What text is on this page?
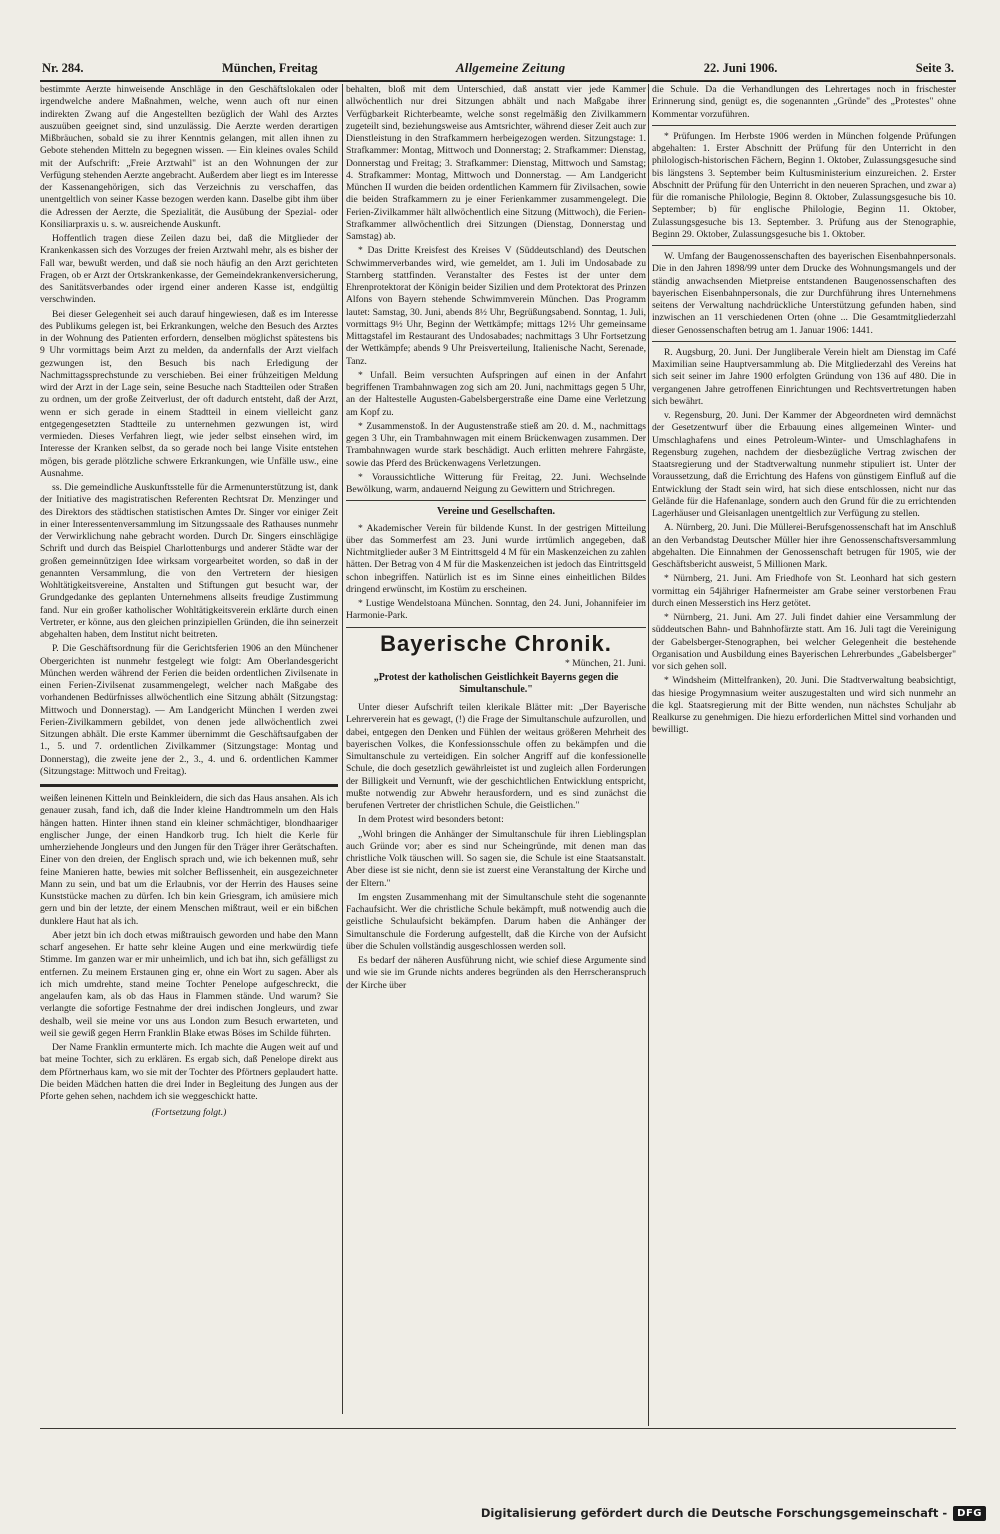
Nr. 284.	München, Freitag	Allgemeine Zeitung	22. Juni 1906.	Seite 3.

bestimmte Aerzte hinweisende Anschläge in den Geschäftslokalen oder irgendwelche andere Maßnahmen, welche, wenn auch oft nur einen indirekten Zwang auf die Angestellten bezüglich der Wahl des Arztes auszuüben geeignet sind, sind unzulässig. Die Aerzte werden derartigen Mißbräuchen, sobald sie zu ihrer Kenntnis gelangen, mit allen ihnen zu Gebote stehenden Mitteln zu begegnen wissen. — Ein kleines ovales Schild mit der Aufschrift: „Freie Arztwahl" ist an den Wohnungen der zur Verfügung stehenden Aerzte angebracht. Außerdem aber liegt es im Interesse der Kassenangehörigen, sich das Verzeichnis zu verschaffen, das unentgeltlich von seiner Kasse bezogen werden kann. Daselbe gibt ihm über die Adressen der Aerzte, die Spezialität, die Ausübung der Spezial- oder Konsiliarpraxis u. s. w. ausreichende Auskunft.

Hoffentlich tragen diese Zeilen dazu bei, daß die Mitglieder der Krankenkassen sich des Vorzuges der freien Arztwahl mehr, als es bisher der Fall war, bewußt werden, und daß sie noch häufig an den Arzt gerichteten Fragen, ob er Arzt der Ortskrankenkasse, der Gemeindekrankenversicherung, des Sanitätsverbandes oder irgend einer anderen Kasse ist, endgültig verschwinden.

Bei dieser Gelegenheit sei auch darauf hingewiesen, daß es im Interesse des Publikums gelegen ist, bei Erkrankungen, welche den Besuch des Arztes in der Wohnung des Patienten erfordern, denselben möglichst spätestens bis 9 Uhr vormittags beim Arzt zu melden, da andernfalls der Arzt vielfach gezwungen ist, den Besuch bis nach Erledigung der Nachmittagssprechstunde zu verschieben. Bei einer frühzeitigen Meldung wird der Arzt in der Lage sein, seine Besuche nach Stadtteilen oder Straßen zu ordnen, um der große Zeitverlust, der oft dadurch entsteht, daß der Arzt, wenn er sich gerade in einem Stadtteil in einem vielleicht ganz entgegengesetzten Stadtteile zu unternehmen gezwungen ist, wird vermieden. Dieses Verfahren liegt, wie jeder selbst einsehen wird, im Interesse der Kranken selbst, da so gerade noch bei lange Visite entstehen mögen, bis gerade plötzliche schwere Erkrankungen, wie Unfälle usw., eine Ausnahme.

ss. Die gemeindliche Auskunftsstelle für die Armenunterstützung ist, dank der Initiative des magistratischen Referenten Rechtsrat Dr. Menzinger und des Direktors des städtischen statistischen Amtes Dr. Singer vor einiger Zeit in einer Interessentenversammlung im Sitzungssaale des Rathauses nunmehr der Verwirklichung nahe gebracht worden. Durch Dr. Singers einschlägige Schrift und durch das Beispiel Charlottenburgs und anderer Städte war der großen gemeinnützigen Idee wirksam vorgearbeitet worden, so daß in der genannten Versammlung, die von den Vertretern der hiesigen Wohltätigkeitsvereine, Anstalten und Stiftungen gut besucht war, der Grundgedanke des geplanten Unternehmens allseits freudige Zustimmung fand. Nur ein großer katholischer Wohltätigkeitsverein erklärte durch einen Vertreter, er könne, aus den gleichen prinzipiellen Gründen, die ihn seinerzeit abgehalten haben, dem Institut nicht beitreten.

P. Die Geschäftsordnung für die Gerichtsferien 1906 an den Münchener Obergerichten ist nunmehr festgelegt wie folgt: Am Oberlandesgericht München werden während der Ferien die beiden ordentlichen Zivilsenate in einen Ferien-Zivilsenat zusammengelegt, welcher nach Maßgabe des vorhandenen Bedürfnisses allwöchentlich eine Sitzung abhält (Sitzungstag: Mittwoch und Donnerstag). — Am Landgericht München I werden zwei Ferien-Zivilkammern gebildet, von denen jede allwöchentlich zwei Sitzungen abhält. Die erste Kammer übernimmt die Geschäftsaufgaben der 1., 5. und 7. ordentlichen Zivilkammer (Sitzungstage: Montag und Donnerstag), die zweite jene der 2., 3., 4. und 6. ordentlichen Kammer (Sitzungstage: Mittwoch und Freitag).

weißen leinenen Kitteln und Beinkleidern, die sich das Haus ansahen. Als ich genauer zusah, fand ich, daß die Inder kleine Handtrommeln um den Hals hängen hatten. Hinter ihnen stand ein kleiner schmächtiger, blondhaariger englischer Junge, der einen Handkorb trug. Ich hielt die Kerle für umherziehende Jongleurs und den Jungen für den Träger ihrer Gerätschaften. Einer von den dreien, der Englisch sprach und, wie ich bekennen muß, sehr feine Manieren hatte, bewies mit solcher Beflissenheit, ein ausgezeichneter Mann zu sein, und bat um die Erlaubnis, vor der Herrin des Hauses seine Kunststücke machen zu dürfen. Ich bin kein Griesgram, ich amüsiere mich gern und bin der letzte, der einem Menschen mißtraut, weil er ein bißchen dunklere Haut hat als ich.

Aber jetzt bin ich doch etwas mißtrauisch geworden und habe den Mann scharf angesehen. Er hatte sehr kleine Augen und eine merkwürdig tiefe Stimme. Im ganzen war er mir unheimlich, und ich bat ihn, sich gefälligst zu entfernen. Zu meinem Erstaunen ging er, ohne ein Wort zu sagen. Aber als ich mich umdrehte, stand meine Tochter Penelope aufgeschreckt, die angelaufen kam, als ob das Haus in Flammen stände. Und warum? Sie verlangte die sofortige Festnahme der drei indischen Jongleurs, und zwar deshalb, weil sie meine vor uns aus London zum Besuch erwarteten, und weil sie gewiß gegen Herrn Franklin Blake etwas Böses im Schilde führten.

Der Name Franklin ermunterte mich. Ich machte die Augen weit auf und bat meine Tochter, sich zu erklären. Es ergab sich, daß Penelope direkt aus dem Pförtnerhaus kam, wo sie mit der Tochter des Pförtners geplaudert hatte. Die beiden Mädchen hatten die drei Inder in Begleitung des Jungen aus der Pforte gehen sehen, nachdem ich sie weggeschickt hatte.

(Fortsetzung folgt.)

behalten, bloß mit dem Unterschied, daß anstatt vier jede Kammer allwöchentlich nur drei Sitzungen abhält und nach Maßgabe ihrer Verfügbarkeit Richterbeamte, welche sonst regelmäßig den Zivilkammern zugeteilt sind, beziehungsweise aus Amtsrichter, während dieser Zeit auch zur Dienstleistung in den Strafkammern herbeigezogen werden. Sitzungstage: 1. Strafkammer: Montag, Mittwoch und Donnerstag; 2. Strafkammer: Dienstag, Donnerstag und Freitag; 3. Strafkammer: Dienstag, Mittwoch und Samstag; 4. Strafkammer: Montag, Mittwoch und Donnerstag. — Am Landgericht München II wurden die beiden ordentlichen Kammern für Zivilsachen, sowie die beiden Strafkammern zu je einer Ferienkammer zusammengelegt. Die Ferien-Zivilkammer hält allwöchentlich eine Sitzung (Mittwoch), die Ferien-Strafkammer allwöchentlich drei Sitzungen (Dienstag, Donnerstag und Samstag) ab.

* Das Dritte Kreisfest des Kreises V (Süddeutschland) des Deutschen Schwimmerverbandes wird, wie gemeldet, am 1. Juli im Undosabade zu Starnberg stattfinden. Veranstalter des Festes ist der unter dem Ehrenprotektorat der Königin beider Sizilien und dem Protektorat des Prinzen Alfons von Bayern stehende Schwimmverein München. Das Programm lautet: Samstag, 30. Juni, abends 8½ Uhr, Begrüßungsabend. Sonntag, 1. Juli, vormittags 9½ Uhr, Beginn der Wettkämpfe; mittags 12½ Uhr gemeinsame Mittagstafel im Restaurant des Undosabades; nachmittags 3 Uhr Fortsetzung der Wettkämpfe; abends 9 Uhr Preisverteilung, Italienische Nacht, Serenade, Tanz.

* Unfall. Beim versuchten Aufspringen auf einen in der Anfahrt begriffenen Trambahnwagen zog sich am 20. Juni, nachmittags gegen 5 Uhr, an der Haltestelle Augusten-Gabelsbergerstraße eine Dame eine Verletzung am Kopf zu.

* Zusammenstoß. In der Augustenstraße stieß am 20. d. M., nachmittags gegen 3 Uhr, ein Trambahnwagen mit einem Brückenwagen zusammen. Der Trambahnwagen wurde stark beschädigt. Auch erlitten mehrere Fahrgäste, sowie das Pferd des Brückenwagens Verletzungen.

* Voraussichtliche Witterung für Freitag, 22. Juni. Wechselnde Bewölkung, warm, andauernd Neigung zu Gewittern und Strichregen.

Vereine und Gesellschaften.

* Akademischer Verein für bildende Kunst. In der gestrigen Mitteilung über das Sommerfest am 23. Juni wurde irrtümlich angegeben, daß Nichtmitglieder außer 3 M Eintrittsgeld 4 M für ein Maskenzeichen zu zahlen hätten. Der Betrag von 4 M für die Maskenzeichen ist jedoch das Eintrittsgeld schon inbegriffen. Natürlich ist es im Sinne eines einheitlichen Bildes dringend erwünscht, im Kostüm zu erscheinen.

* Lustige Wendelstoana München. Sonntag, den 24. Juni, Johannifeier im Harmonie-Park.

Bayerische Chronik.
* München, 21. Juni.
„Protest der katholischen Geistlichkeit Bayerns gegen die Simultanschule."

Unter dieser Aufschrift teilen klerikale Blätter mit: „Der Bayerische Lehrerverein hat es gewagt, (!) die Frage der Simultanschule aufzurollen, und dabei, entgegen den Denken und Fühlen der weitaus größeren Mehrheit des bayerischen Volkes, die Konfessionsschule offen zu bekämpfen und die Simultanschule zu verteidigen. Ein solcher Angriff auf die konfessionelle Schule, die doch gesetzlich gewährleistet ist und zugleich allen Forderungen der Billigkeit und Vernunft, wie der geschichtlichen Entwicklung entspricht, mußte notwendig zur Abwehr herausfordern, und es sind zunächst die berufenen Vertreter der christlichen Schule, die Geistlichen."

In dem Protest wird besonders betont:

„Wohl bringen die Anhänger der Simultanschule für ihren Lieblingsplan auch Gründe vor; aber es sind nur Scheingründe, mit denen man das christliche Volk täuschen will. So sagen sie, die Schule ist eine Staatsanstalt. Aber diese ist sie nicht, denn sie ist zuerst eine Veranstaltung der Kirche und der Eltern."

Im engsten Zusammenhang mit der Simultanschule steht die sogenannte Fachaufsicht. Wer die christliche Schule bekämpft, muß notwendig auch die geistliche Schulaufsicht bekämpfen. Darum haben die Anhänger der Simultanschule die Forderung aufgestellt, daß die Kirche von der Aufsicht über die Schulen vollständig ausgeschlossen werden soll.

Es bedarf der näheren Ausführung nicht, wie schief diese Argumente sind und wie sie im Grunde nichts anderes begründen als den Herrscheranspruch der Kirche über

die Schule. Da die Verhandlungen des Lehrertages noch in frischester Erinnerung sind, genügt es, die sogenannten „Gründe" des „Protestes" ohne Kommentar vorzuführen.

* Prüfungen. Im Herbste 1906 werden in München folgende Prüfungen abgehalten: 1. Erster Abschnitt der Prüfung für den Unterricht in den philologisch-historischen Fächern, Beginn 1. Oktober, Zulassungsgesuche sind bis längstens 3. September beim Kultusministerium einzureichen. 2. Erster Abschnitt der Prüfung für den Unterricht in den neueren Sprachen, und zwar a) für die romanische Philologie, Beginn 8. Oktober, Zulassungsgesuche bis 10. September; b) für englische Philologie, Beginn 11. Oktober, Zulassungsgesuche bis 13. September. 3. Prüfung aus der Stenographie, Beginn 29. Oktober, Zulassungsgesuche bis 1. Oktober.

W. Umfang der Baugenossenschaften des bayerischen Eisenbahnpersonals. Die in den Jahren 1898/99 unter dem Drucke des Wohnungsmangels und der ständig anwachsenden Mietpreise entstandenen Baugenossenschaften des bayerischen Eisenbahnpersonals, die zur Durchführung ihres Unternehmens seitens der Verwaltung nachdrückliche Unterstützung gefunden haben, sind inzwischen an 11 verschiedenen Orten (ohne ... Die Gesamtmitgliederzahl dieser Genossenschaften betrug am 1. Januar 1906: 1441.

R. Augsburg, 20. Juni. Der Jungliberale Verein hielt am Dienstag im Café Maximilian seine Hauptversammlung ab. Die Mitgliederzahl des Vereins hat sich seit seiner im Jahre 1900 erfolgten Gründung von 136 auf 480. Die in vergangenen Jahre getroffenen Einrichtungen und Rechtsvertretungen haben sich bewährt.

v. Regensburg, 20. Juni. Der Kammer der Abgeordneten wird demnächst der Gesetzentwurf über die Erbauung eines allgemeinen Winter- und Umschlaghafens und eines Petroleum-Winter- und Umschlaghafens in Regensburg zugehen, nachdem der diesbezügliche Vertrag zwischen der Staatsregierung und der Stadtverwaltung nunmehr stipuliert ist. Unter der Voraussetzung, daß die Errichtung des Hafens von günstigem Einfluß auf die Entwicklung der Stadt sein wird, hat sich diese entschlossen, nicht nur das Gelände für die Hafenanlage, sondern auch den Grund für die zu errichtenden Lagerhäuser und Gleisanlagen unentgeltlich zur Verfügung zu stellen.

A. Nürnberg, 20. Juni. Die Müllerei-Berufsgenossenschaft hat im Anschluß an den Verbandstag Deutscher Müller hier ihre Genossenschaftsversammlung abgehalten. Die Einnahmen der Genossenschaft betrugen für 1905, wie der Geschäftsbericht ausweist, 5 Millionen Mark.

* Nürnberg, 21. Juni. Am Friedhofe von St. Leonhard hat sich gestern vormittag ein 54jähriger Hafnermeister am Grabe seiner verstorbenen Frau durch einen Messerstich ins Herz getötet.

* Nürnberg, 21. Juni. Am 27. Juli findet dahier eine Versammlung der süddeutschen Bahn- und Bahnhofärzte statt. Am 16. Juli tagt die Vereinigung der Gabelsberger-Stenographen, bei welcher Gelegenheit die bestehende Organisation und Ausbildung eines Bayerischen Lehrerbundes „Gabelsberger" vor sich gehen soll.

* Windsheim (Mittelfranken), 20. Juni. Die Stadtverwaltung beabsichtigt, das hiesige Progymnasium weiter auszugestalten und wird sich nunmehr an die kgl. Staatsregierung mit der Bitte wenden, nun nächstes Schuljahr ab Realkurse zu genehmigen. Die hiezu erforderlichen Mittel sind vorhanden und bewilligt.

Digitalisierung gefördert durch die Deutsche Forschungsgemeinschaft -	DFG
